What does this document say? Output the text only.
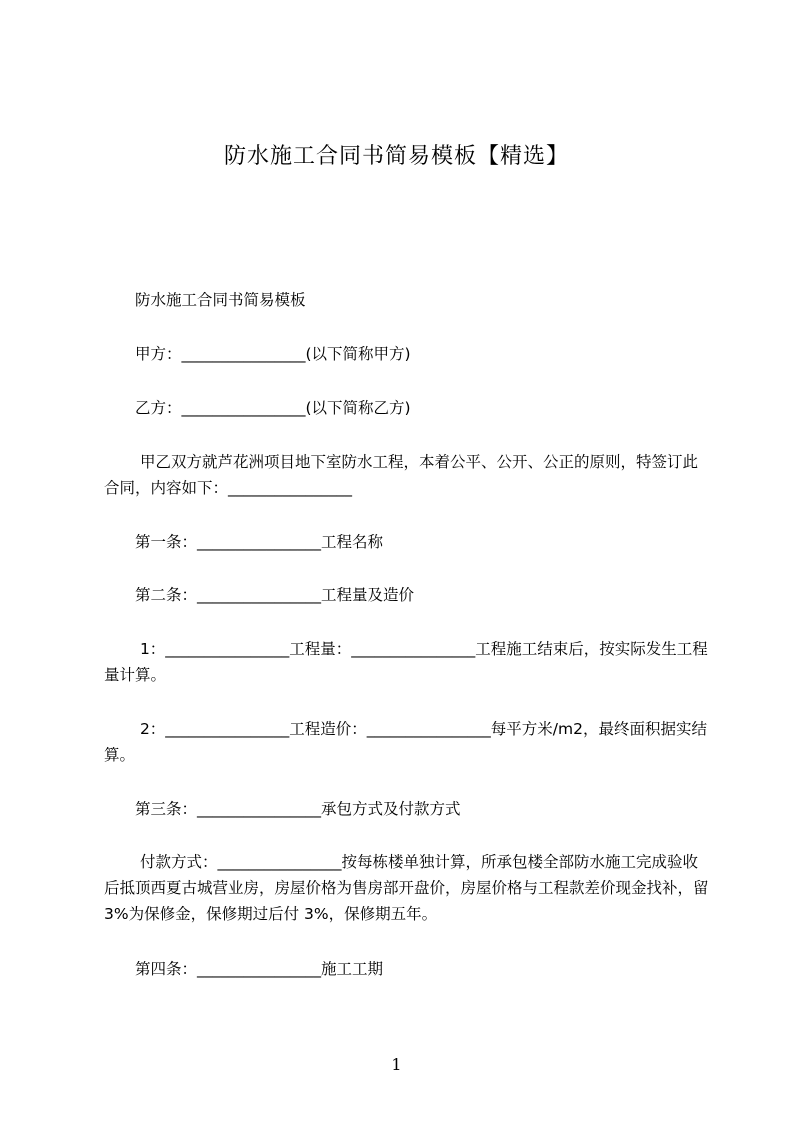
防水施工合同书简易模板【精选】

防水施工合同书简易模板

甲方：________________(以下简称甲方)

乙方：________________(以下简称乙方)

甲乙双方就芦花洲项目地下室防水工程，本着公平、公开、公正的原则，特签订此合同，内容如下：________________

第一条：________________工程名称

第二条：________________工程量及造价

1：________________工程量：________________工程施工结束后，按实际发生工程量计算。

2：________________工程造价：________________每平方米/m2，最终面积据实结算。

第三条：________________承包方式及付款方式

付款方式：________________按每栋楼单独计算，所承包楼全部防水施工完成验收后抵顶西夏古城营业房，房屋价格为售房部开盘价，房屋价格与工程款差价现金找补，留 3%为保修金，保修期过后付 3%，保修期五年。

第四条：________________施工工期

1
